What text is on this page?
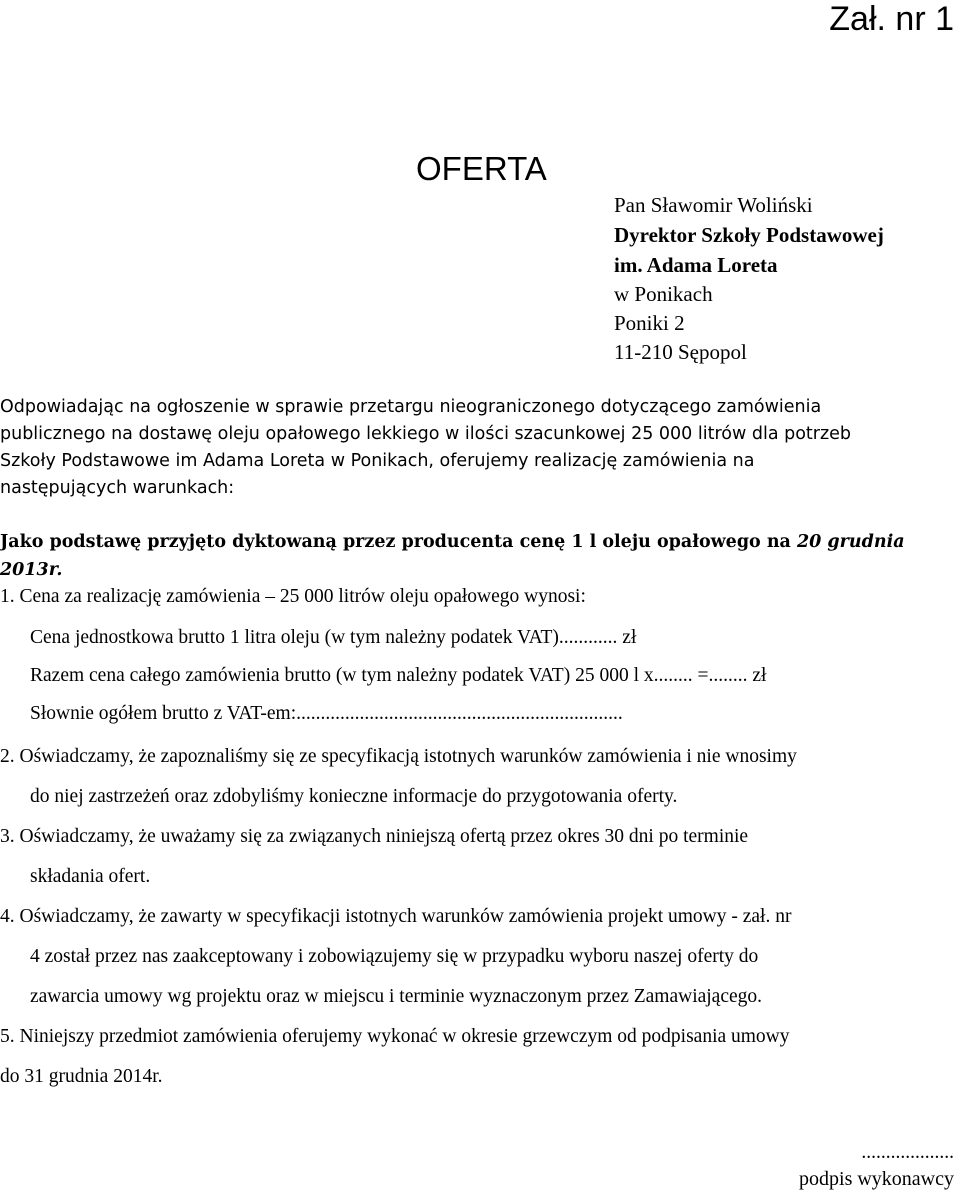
Zał. nr 1
OFERTA
Pan Sławomir Woliński
Dyrektor Szkoły Podstawowej
im. Adama Loreta
w Ponikach
Poniki 2
11-210 Sępopol
Odpowiadając na ogłoszenie w sprawie przetargu nieograniczonego dotyczącego zamówienia
publicznego na dostawę oleju opałowego lekkiego w ilości szacunkowej 25 000 litrów dla potrzeb
Szkoły Podstawowe im Adama Loreta w Ponikach, oferujemy realizację zamówienia na
następujących warunkach:
Jako podstawę przyjęto dyktowaną przez producenta cenę 1 l oleju opałowego na 20 grudnia
2013r.
1. Cena za realizację zamówienia – 25 000 litrów oleju opałowego wynosi:
Cena jednostkowa brutto 1 litra oleju (w tym należny podatek VAT)............ zł
Razem cena całego zamówienia brutto (w tym należny podatek VAT) 25 000 l x........ =........ zł
Słownie ogółem brutto z VAT-em:...................................................................
2. Oświadczamy, że zapoznaliśmy się ze specyfikacją istotnych warunków zamówienia i nie wnosimy
do niej zastrzeżeń oraz zdobyliśmy konieczne informacje do przygotowania oferty.
3. Oświadczamy, że uważamy się za związanych niniejszą ofertą przez okres 30 dni po terminie
składania ofert.
4. Oświadczamy, że zawarty w specyfikacji istotnych warunków zamówienia projekt umowy - zał. nr
4 został przez nas zaakceptowany i zobowiązujemy się w przypadku wyboru naszej oferty do
zawarcia umowy wg projektu oraz w miejscu i terminie wyznaczonym przez Zamawiającego.
5. Niniejszy przedmiot zamówienia oferujemy wykonać w okresie grzewczym od podpisania umowy
do 31 grudnia 2014r.
...................
podpis wykonawcy
